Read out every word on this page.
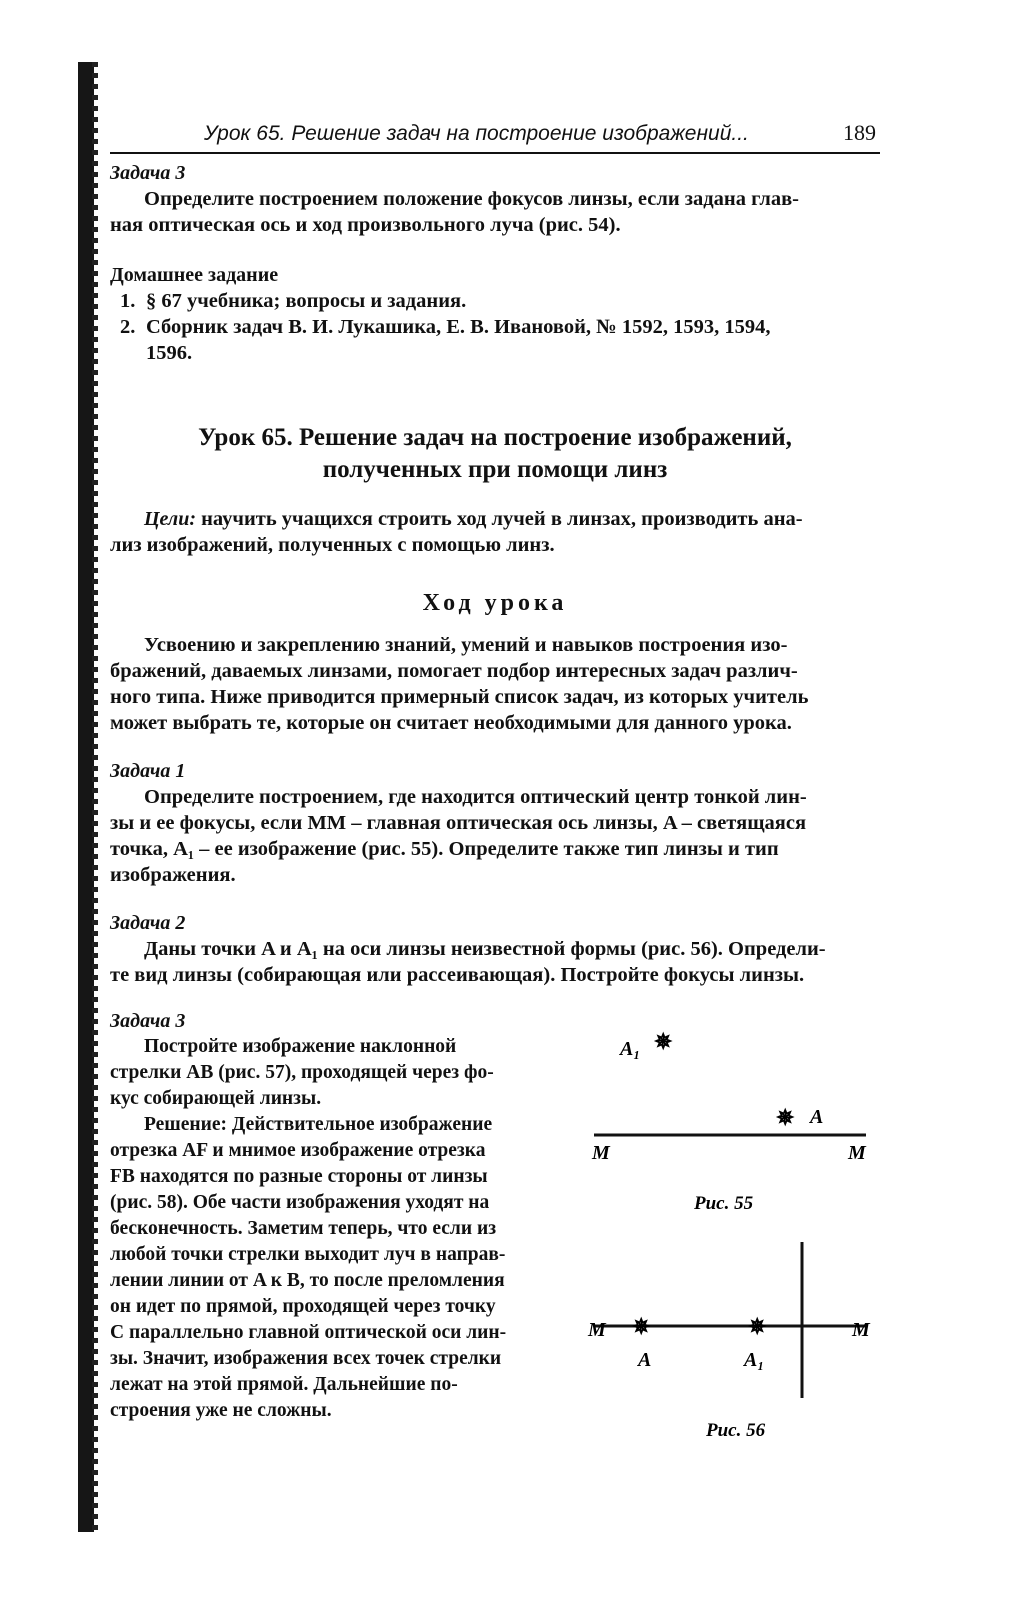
Урок 65. Решение задач на построение изображений...	189
Задача 3

Определите построением положение фокусов линзы, если задана глав-

ная оптическая ось и ход произвольного луча (рис. 54).

Домашнее задание
1. § 67 учебника; вопросы и задания.
2. Сборник задач В. И. Лукашика, Е. В. Ивановой, № 1592, 1593, 1594,
1596.
Урок 65. Решение задач на построение изображений,
полученных при помощи линз

Цели: научить учащихся строить ход лучей в линзах, производить ана-

лиз изображений, полученных с помощью линз.

Ход урока

Усвоению и закреплению знаний, умений и навыков построения изо-

бражений, даваемых линзами, помогает подбор интересных задач различ-

ного типа. Ниже приводится примерный список задач, из которых учитель

может выбрать те, которые он считает необходимыми для данного урока.

Задача 1

Определите построением, где находится оптический центр тонкой лин-

зы и ее фокусы, если MM – главная оптическая ось линзы, A – светящаяся

точка, A₁ – ее изображение (рис. 55). Определите также тип линзы и тип

изображения.

Задача 2

Даны точки A и A₁ на оси линзы неизвестной формы (рис. 56). Определи-

те вид линзы (собирающая или рассеивающая). Постройте фокусы линзы.

Задача 3

Постройте изображение наклонной

стрелки AB (рис. 57), проходящей через фо-

кус собирающей линзы.

Решение: Действительное изображение

отрезка AF и мнимое изображение отрезка

FB находятся по разные стороны от линзы

(рис. 58). Обе части изображения уходят на

бесконечность. Заметим теперь, что если из

любой точки стрелки выходит луч в направ-

лении линии от A к B, то после преломления

он идет по прямой, проходящей через точку

C параллельно главной оптической оси лин-

зы. Значит, изображения всех точек стрелки

лежат на этой прямой. Дальнейшие по-

строения уже не сложны.

A₁ ✵
✵ A
M	M
Рис. 55
M	M
✵	✵
A	A₁
Рис. 56
